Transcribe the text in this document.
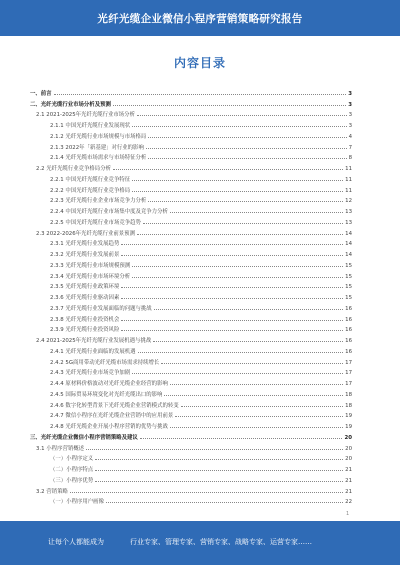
光纤光缆企业微信小程序营销策略研究报告
内容目录
一、前言	3
二、光纤光缆行业市场分析及预测	3
2.1 2021-2025年光纤光缆行业市场分析	3
2.1.1 中国光纤光缆行业发展现状	3
2.1.2 光纤光缆行业市场规模与市场格局	4
2.1.3 2022年「新基建」对行业的影响	7
2.1.4 光纤光缆市场需求与市场特征分析	8
2.2 光纤光缆行业竞争格局分析	11
2.2.1 中国光纤光缆行业竞争特征	11
2.2.2 中国光纤光缆行业竞争格局	11
2.2.3 光纤光缆行业企业市场竞争力分析	12
2.2.4 中国光纤光缆行业市场集中度及竞争力分析	13
2.2.5 中国光纤光缆行业市场竞争趋势	13
2.3 2022-2026年光纤光缆行业前景预测	14
2.3.1 光纤光缆行业发展趋势	14
2.3.2 光纤光缆行业发展前景	14
2.3.3 光纤光缆行业市场规模预测	15
2.3.4 光纤光缆行业市场环境分析	15
2.3.5 光纤光缆行业政策环境	15
2.3.6 光纤光缆行业驱动因素	15
2.3.7 光纤光缆行业发展面临的问题与挑战	16
2.3.8 光纤光缆行业投资机会	16
2.3.9 光纤光缆行业投资风险	16
2.4 2021-2025年光纤光缆行业发展机遇与挑战	16
2.4.1 光纤光缆行业面临的发展机遇	16
2.4.2 5G商用带动光纤光缆市场需求持续增长	17
2.4.3 光纤光缆行业市场竞争加剧	17
2.4.4 原材料价格波动对光纤光缆企业经营的影响	17
2.4.5 国际贸易环境变化对光纤光缆出口的影响	18
2.4.6 数字化转型背景下光纤光缆企业营销模式的转变	18
2.4.7 微信小程序在光纤光缆企业营销中的应用前景	19
2.4.8 光纤光缆企业开展小程序营销的优势与挑战	19
三、光纤光缆企业微信小程序营销策略及建议	20
3.1 小程序营销概述	20
（一）小程序定义	20
（二）小程序特点	21
（三）小程序优势	21
3.2 营销策略	21
（一）小程序用户画像	22
1
让每个人都能成为	行业专家、管理专家、营销专家、战略专家、运营专家……
